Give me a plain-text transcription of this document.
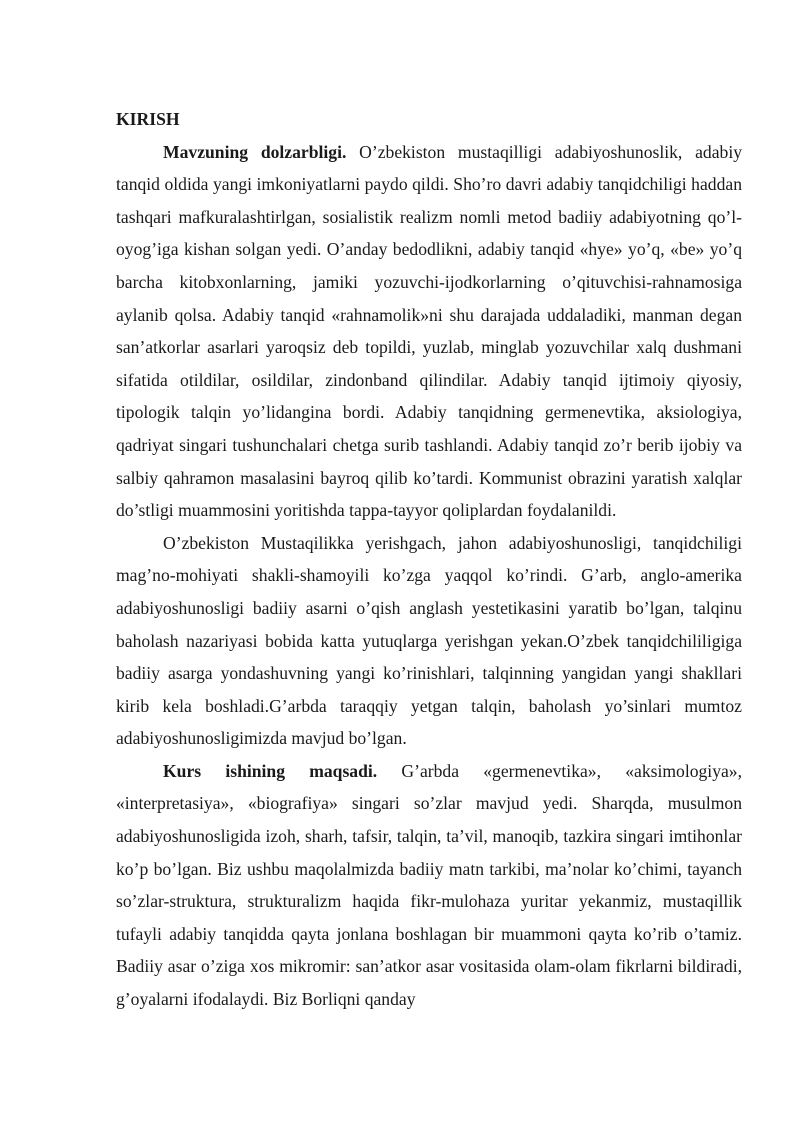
KIRISH

Mavzuning dolzarbligi. O’zbekiston mustaqilligi adabiyoshunoslik, adabiy tanqid oldida yangi imkoniyatlarni paydo qildi. Sho’ro davri adabiy tanqidchiligi haddan tashqari mafkuralashtirlgan, sosialistik realizm nomli metod badiiy adabiyotning qo’l-oyog’iga kishan solgan yedi. O’anday bedodlikni, adabiy tanqid «hye» yo’q, «be» yo’q barcha kitobxonlarning, jamiki yozuvchi-ijodkorlarning o’qituvchisi-rahnamosiga aylanib qolsa. Adabiy tanqid «rahnamolik»ni shu darajada uddaladiki, manman degan san’atkorlar asarlari yaroqsiz deb topildi, yuzlab, minglab yozuvchilar xalq dushmani sifatida otildilar, osildilar, zindonband qilindilar. Adabiy tanqid ijtimoiy qiyosiy, tipologik talqin yo’lidangina bordi. Adabiy tanqidning germenevtika, aksiologiya, qadriyat singari tushunchalari chetga surib tashlandi. Adabiy tanqid zo’r berib ijobiy va salbiy qahramon masalasini bayroq qilib ko’tardi. Kommunist obrazini yaratish xalqlar do’stligi muammosini yoritishda tappa-tayyor qoliplardan foydalanildi.

O’zbekiston Mustaqilikka yerishgach, jahon adabiyoshunosligi, tanqidchiligi mag’no-mohiyati shakli-shamoyili ko’zga yaqqol ko’rindi. G’arb, anglo-amerika adabiyoshunosligi badiiy asarni o’qish anglash yestetikasini yaratib bo’lgan, talqinu baholash nazariyasi bobida katta yutuqlarga yerishgan yekan.O’zbek tanqidchililigiga badiiy asarga yondashuvning yangi ko’rinishlari, talqinning yangidan yangi shakllari kirib kela boshladi.G’arbda taraqqiy yetgan talqin, baholash yo’sinlari mumtoz adabiyoshunosligimizda mavjud bo’lgan.

Kurs ishining maqsadi. G’arbda «germenevtika», «aksimologiya», «interpretasiya», «biografiya» singari so’zlar mavjud yedi. Sharqda, musulmon adabiyoshunosligida izoh, sharh, tafsir, talqin, ta’vil, manoqib, tazkira singari imtihonlar ko’p bo’lgan. Biz ushbu maqolalmizda badiiy matn tarkibi, ma’nolar ko’chimi, tayanch so’zlar-struktura, strukturalizm haqida fikr-mulohaza yuritar yekanmiz, mustaqillik tufayli adabiy tanqidda qayta jonlana boshlagan bir muammoni qayta ko’rib o’tamiz. Badiiy asar o’ziga xos mikromir: san’atkor asar vositasida olam-olam fikrlarni bildiradi, g’oyalarni ifodalaydi. Biz Borliqni qanday
